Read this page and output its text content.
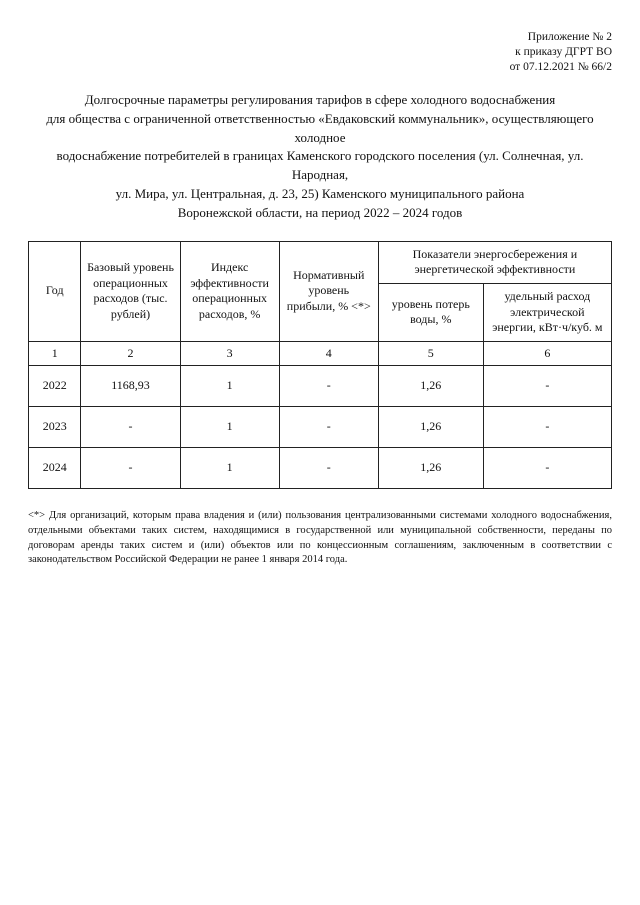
Приложение № 2
к приказу ДГРТ ВО
от 07.12.2021 № 66/2
Долгосрочные параметры регулирования тарифов в сфере холодного водоснабжения
для общества с ограниченной ответственностью «Евдаковский коммунальник», осуществляющего холодное
водоснабжение потребителей в границах Каменского городского поселения (ул. Солнечная, ул. Народная,
ул. Мира, ул. Центральная, д. 23, 25) Каменского муниципального района
Воронежской области, на период 2022 – 2024 годов
Год	Базовый уровень операционных расходов (тыс. рублей)	Индекс эффективности операционных расходов, %	Нормативный уровень прибыли, % <*>	Показатели энергосбережения и энергетической эффективности	
				уровень потерь воды, %	удельный расход электрической энергии, кВт·ч/куб. м
1	2	3	4	5	6
2022	1168,93	1	-	1,26	-
2023	-	1	-	1,26	-
2024	-	1	-	1,26	-
<*> Для организаций, которым права владения и (или) пользования централизованными системами холодного водоснабжения, отдельными объектами таких систем, находящимися в государственной или муниципальной собственности, переданы по договорам аренды таких систем и (или) объектов или по концессионным соглашениям, заключенным в соответствии с законодательством Российской Федерации не ранее 1 января 2014 года.
